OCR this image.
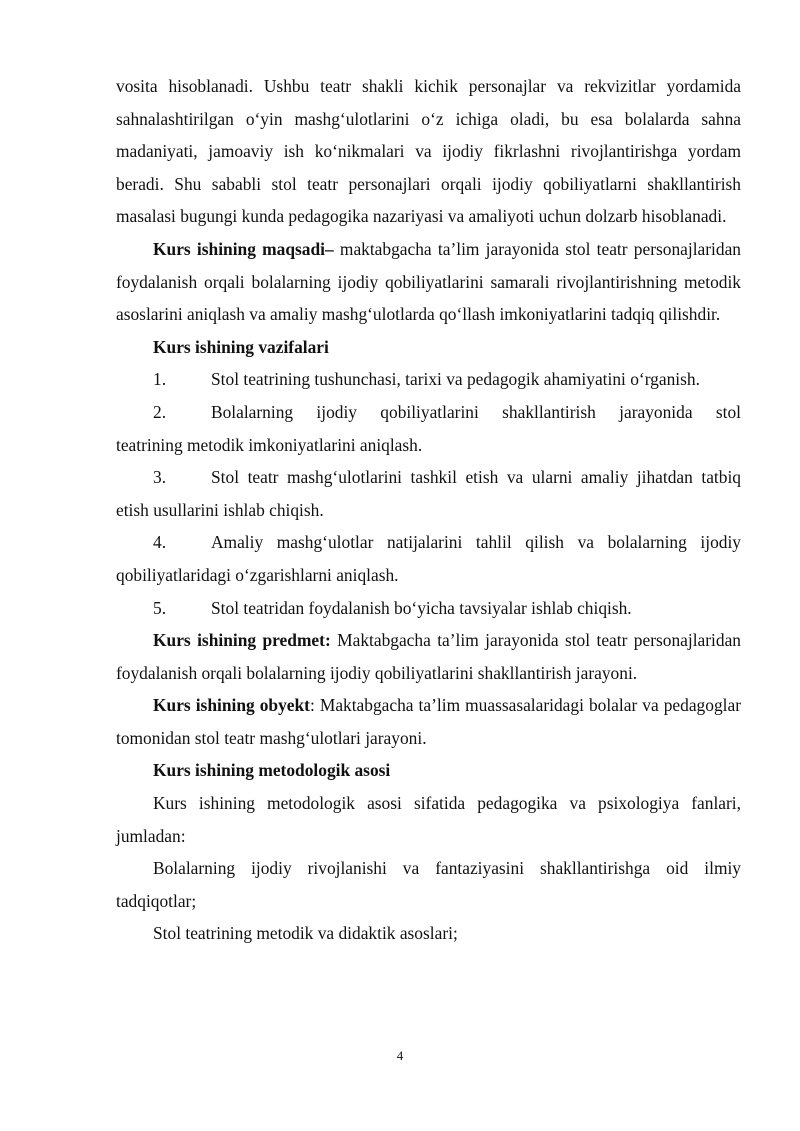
vosita hisoblanadi. Ushbu teatr shakli kichik personajlar va rekvizitlar yordamida sahnalashtirilgan o‘yin mashg‘ulotlarini o‘z ichiga oladi, bu esa bolalarda sahna madaniyati, jamoaviy ish ko‘nikmalari va ijodiy fikrlashni rivojlantirishga yordam beradi. Shu sababli stol teatr personajlari orqali ijodiy qobiliyatlarni shakllantirish masalasi bugungi kunda pedagogika nazariyasi va amaliyoti uchun dolzarb hisoblanadi.

Kurs ishining maqsadi– maktabgacha ta’lim jarayonida stol teatr personajlaridan foydalanish orqali bolalarning ijodiy qobiliyatlarini samarali rivojlantirishning metodik asoslarini aniqlash va amaliy mashg‘ulotlarda qo‘llash imkoniyatlarini tadqiq qilishdir.

Kurs ishining vazifalari

1.	Stol teatrining tushunchasi, tarixi va pedagogik ahamiyatini o‘rganish.
2.	Bolalarning ijodiy qobiliyatlarini shakllantirish jarayonida stol
teatrining metodik imkoniyatlarini aniqlash.
3.	Stol teatr mashg‘ulotlarini tashkil etish va ularni amaliy jihatdan tatbiq
etish usullarini ishlab chiqish.
4.	Amaliy mashg‘ulotlar natijalarini tahlil qilish va bolalarning ijodiy
qobiliyatlaridagi o‘zgarishlarni aniqlash.
5.	Stol teatridan foydalanish bo‘yicha tavsiyalar ishlab chiqish.

Kurs ishining predmet: Maktabgacha ta’lim jarayonida stol teatr personajlaridan foydalanish orqali bolalarning ijodiy qobiliyatlarini shakllantirish jarayoni.

Kurs ishining obyekt: Maktabgacha ta’lim muassasalaridagi bolalar va pedagoglar tomonidan stol teatr mashg‘ulotlari jarayoni.

Kurs ishining metodologik asosi

Kurs ishining metodologik asosi sifatida pedagogika va psixologiya fanlari, jumladan:

Bolalarning ijodiy rivojlanishi va fantaziyasini shakllantirishga oid ilmiy tadqiqotlar;

Stol teatrining metodik va didaktik asoslari;

4
